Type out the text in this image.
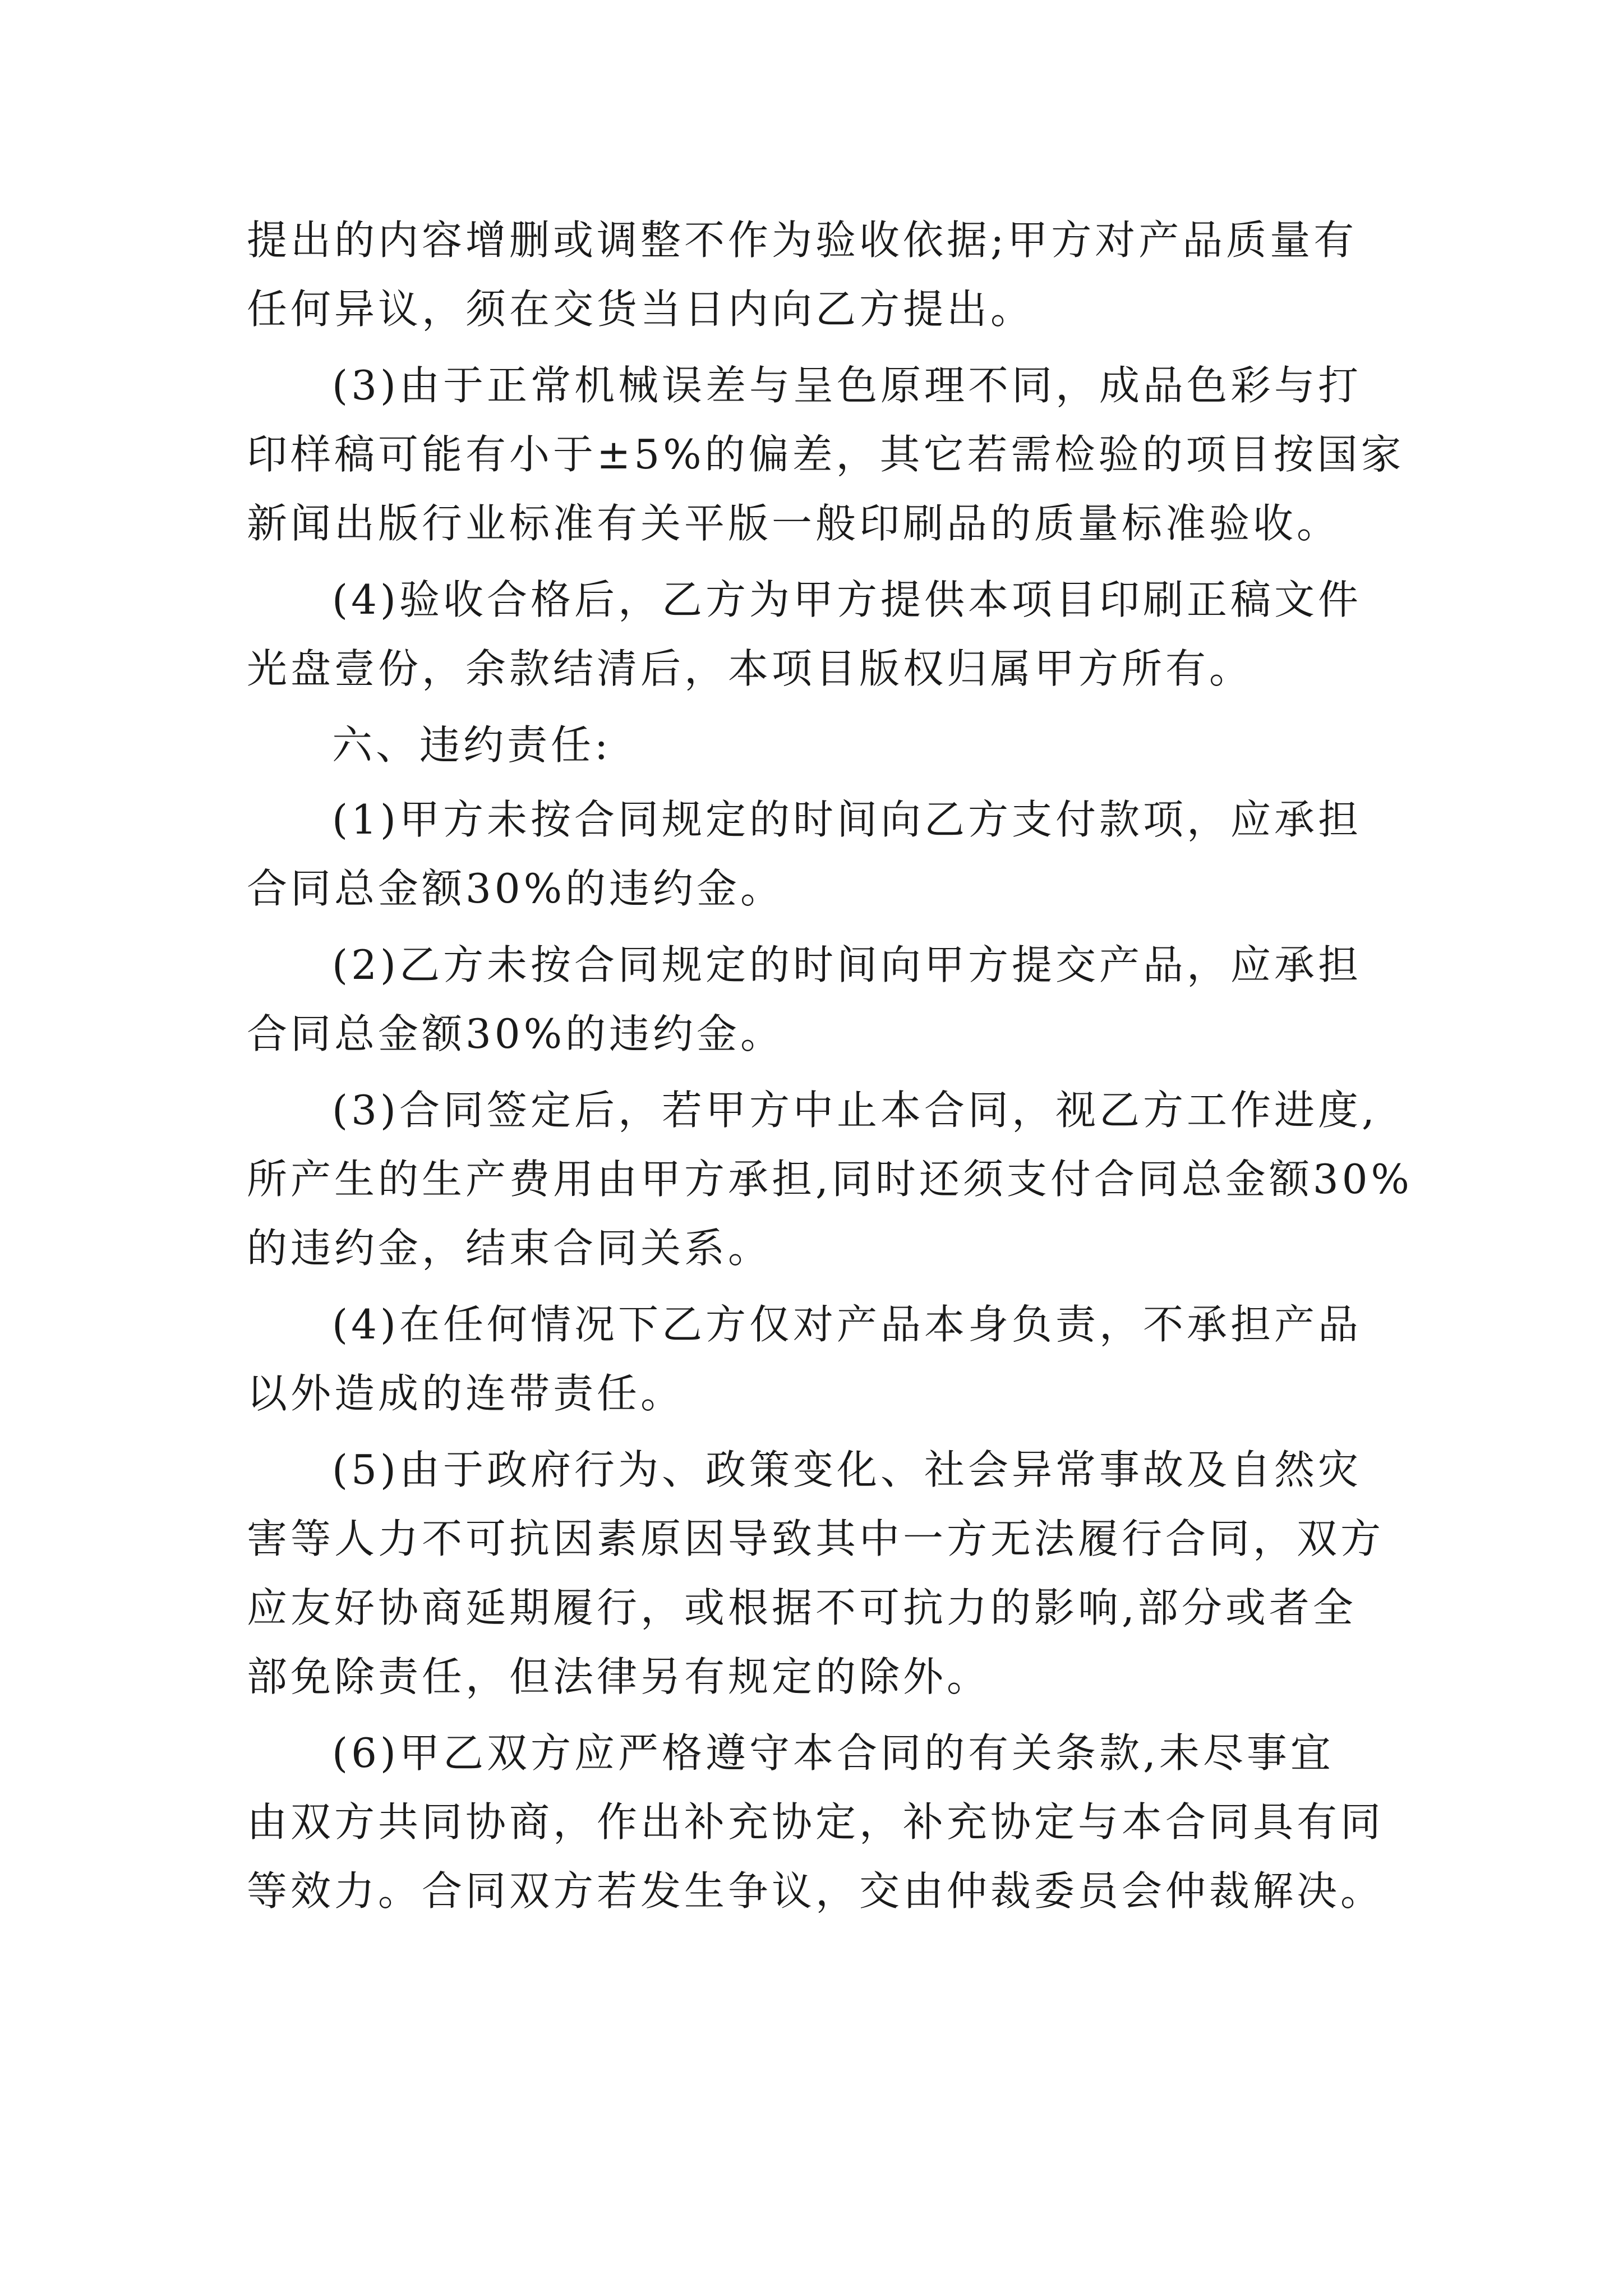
提出的内容增删或调整不作为验收依据;甲方对产品质量有
任何异议，须在交货当日内向乙方提出。
(3)由于正常机械误差与呈色原理不同，成品色彩与打
印样稿可能有小于±5%的偏差，其它若需检验的项目按国家
新闻出版行业标准有关平版一般印刷品的质量标准验收。
(4)验收合格后，乙方为甲方提供本项目印刷正稿文件
光盘壹份，余款结清后，本项目版权归属甲方所有。
六、违约责任:
(1)甲方未按合同规定的时间向乙方支付款项，应承担
合同总金额30%的违约金。
(2)乙方未按合同规定的时间向甲方提交产品，应承担
合同总金额30%的违约金。
(3)合同签定后，若甲方中止本合同，视乙方工作进度,
所产生的生产费用由甲方承担,同时还须支付合同总金额30%
的违约金，结束合同关系。
(4)在任何情况下乙方仅对产品本身负责，不承担产品
以外造成的连带责任。
(5)由于政府行为、政策变化、社会异常事故及自然灾
害等人力不可抗因素原因导致其中一方无法履行合同，双方
应友好协商延期履行，或根据不可抗力的影响,部分或者全
部免除责任，但法律另有规定的除外。
(6)甲乙双方应严格遵守本合同的有关条款,未尽事宜
由双方共同协商，作出补充协定，补充协定与本合同具有同
等效力。合同双方若发生争议，交由仲裁委员会仲裁解决。
